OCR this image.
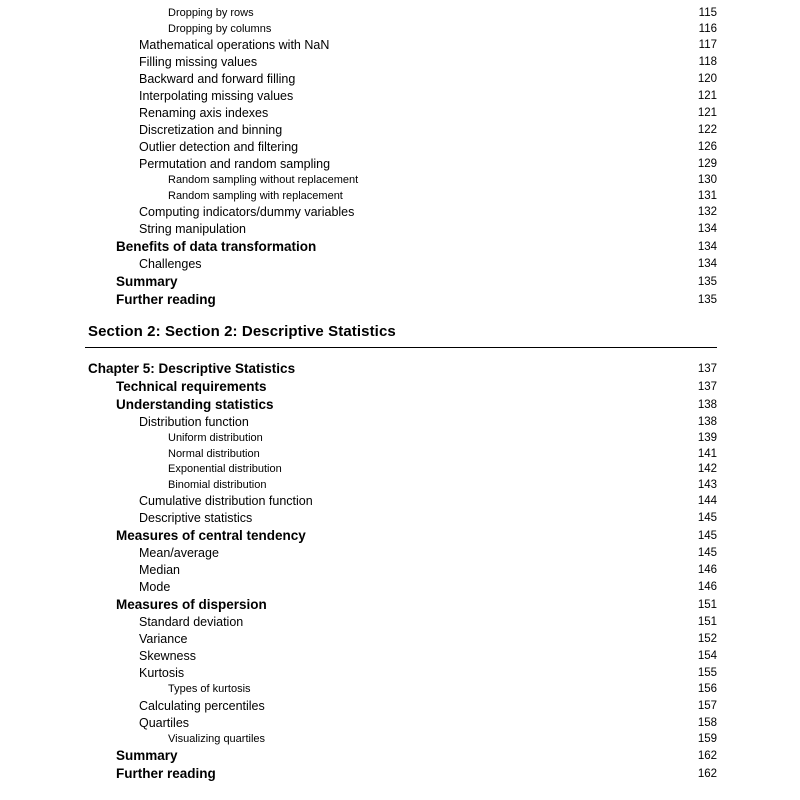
Dropping by rows	115
Dropping by columns	116
Mathematical operations with NaN	117
Filling missing values	118
Backward and forward filling	120
Interpolating missing values	121
Renaming axis indexes	121
Discretization and binning	122
Outlier detection and filtering	126
Permutation and random sampling	129
Random sampling without replacement	130
Random sampling with replacement	131
Computing indicators/dummy variables	132
String manipulation	134
Benefits of data transformation	134
Challenges	134
Summary	135
Further reading	135
Section 2: Section 2: Descriptive Statistics
Chapter 5: Descriptive Statistics	137
Technical requirements	137
Understanding statistics	138
Distribution function	138
Uniform distribution	139
Normal distribution	141
Exponential distribution	142
Binomial distribution	143
Cumulative distribution function	144
Descriptive statistics	145
Measures of central tendency	145
Mean/average	145
Median	146
Mode	146
Measures of dispersion	151
Standard deviation	151
Variance	152
Skewness	154
Kurtosis	155
Types of kurtosis	156
Calculating percentiles	157
Quartiles	158
Visualizing quartiles	159
Summary	162
Further reading	162
